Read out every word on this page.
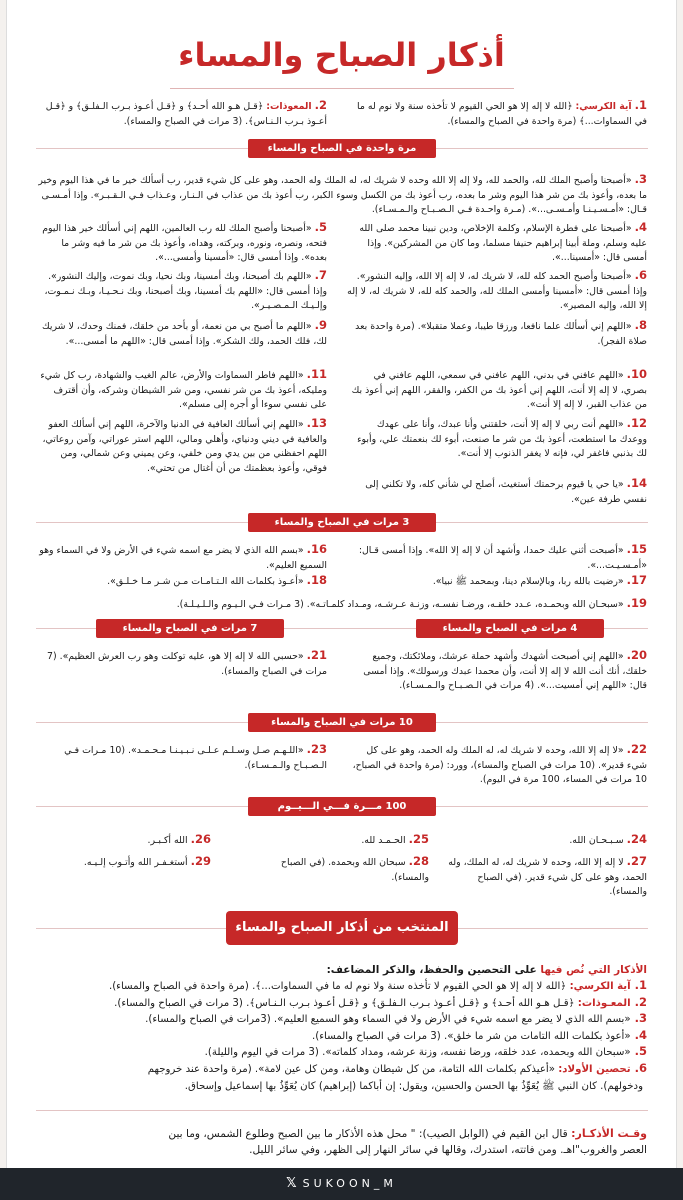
أذكار الصباح والمساء
1.آية الكرسي: ﴿الله لا إله إلا هو الحي القيوم لا تأخذه سنة ولا نوم له ما في السماوات...﴾ (مرة واحدة في الصباح والمساء).
2.المعوذات: ﴿قـل هـو الله أحـد﴾ و ﴿قـل أعـوذ بـرب الـفلـق﴾ و ﴿قـل أعـوذ بـرب الـنـاس﴾. (3 مرات في الصباح والمساء).
مرة واحدة في الصباح والمساء
3.«أصبحنا وأصبح الملك لله، والحمد لله، ولا إله إلا الله وحده لا شريك له، له الملك وله الحمد، وهو على كل شيء قدير، رب أسألك خير ما في هذا اليوم وخير ما بعده، وأعوذ بك من شر هذا اليوم وشر ما بعده، رب أعوذ بك من الكسل وسوء الكبر، رب أعوذ بك من عذاب في الـنـار، وعـذاب فـي الـقـبـر». وإذا أمـسـى قـال: «أمـسـيـنـا وأمـسـى...». (مـرة واحـدة فـي الـصـبـاح والـمـسـاء).
4.«أصبحنا على فطرة الإسلام، وكلمة الإخلاص، ودين نبينا محمد صلى الله عليه وسلم، وملة أبينا إبراهيم حنيفا مسلما، وما كان من المشركين». وإذا أمسى قال: «أمسينا...».
5.«أصبحنا وأصبح الملك لله رب العالمين، اللهم إني أسألك خير هذا اليوم فتحه، ونصره، ونوره، وبركته، وهداه، وأعوذ بك من شر ما فيه وشر ما بعده». وإذا أمسى قال: «أمسينا وأمسى...».
6.«أصبحنا وأصبح الحمد كله لله، لا شريك له، لا إله إلا الله، وإليه النشور». وإذا أمسى قال: «أمسينا وأمسى الملك لله، والحمد كله لله، لا شريك له، لا إله إلا الله، وإليه المصير».
7.«اللهم بك أصبحنا، وبك أمسينا، وبك نحيا، وبك نموت، وإليك النشور». وإذا أمسى قال: «اللهم بك أمسينا، وبك أصبحنا، وبك نـحـيـا، وبـك نـمـوت، وإلـيـك الـمـصـيـر».
8.«اللهم إني أسألك علما نافعا، ورزقا طيبا، وعملا متقبلا». (مرة واحدة بعد صلاة الفجر).
9.«اللهم ما أصبح بي من نعمة، أو بأحد من خلقك، فمنك وحدك، لا شريك لك، فلك الحمد، ولك الشكر». وإذا أمسى قال: «اللهم ما أمسى...».
10.«اللهم عافني في بدني، اللهم عافني في سمعي، اللهم عافني في بصري، لا إله إلا أنت، اللهم إني أعوذ بك من الكفر، والفقر، اللهم إني أعوذ بك من عذاب القبر، لا إله إلا أنت».
11.«اللهم فاطر السماوات والأرض، عالم الغيب والشهادة، رب كل شيء ومليكه، أعوذ بك من شر نفسي، ومن شر الشيطان وشركه، وأن أقترف على نفسي سوءا أو أجره إلى مسلم».
12.«اللهم أنت ربي لا إله إلا أنت، خلقتني وأنا عبدك، وأنا على عهدك ووعدك ما استطعت، أعوذ بك من شر ما صنعت، أبوء لك بنعمتك علي، وأبوء لك بذنبي فاغفر لي، فإنه لا يغفر الذنوب إلا أنت».
13.«اللهم إني أسألك العافية في الدنيا والآخرة، اللهم إني أسألك العفو والعافية في ديني ودنياي، وأهلي ومالي، اللهم استر عوراتي، وآمن روعاتي، اللهم احفظني من بين يدي ومن خلفي، وعن يميني وعن شمالي، ومن فوقي، وأعوذ بعظمتك من أن أغتال من تحتي».
14.«يا حي يا قيوم برحمتك أستغيث، أصلح لي شأني كله، ولا تكلني إلى نفسي طرفة عين».
3 مرات في الصباح والمساء
15.«أصبحت أثني عليك حمدا، وأشهد أن لا إله إلا الله». وإذا أمسى قـال: «أمـسـيـت...».
16.«بسم الله الذي لا يضر مع اسمه شيء في الأرض ولا في السماء وهو السميع العليم».
17.«رضيت بالله ربا، وبالإسلام دينا، وبمحمد ﷺ نبيا».
18.«أعـوذ بكلمات الله الـتـامـات مـن شـر مـا خـلـق».
19.«سبحـان الله وبحمـده، عـدد خلقـه، ورضـا نفسـه، وزنـة عـرشـه، ومـداد كلمـاتـه». (3 مـرات فـي الـيـوم والـلـيـلـة).
4 مرات في الصباح والمساء
7 مرات في الصباح والمساء
20.«اللهم إني أصبحت أشهدك وأشهد حملة عرشك، وملائكتك، وجميع خلقك، أنك أنت الله لا إله إلا أنت، وأن محمدا عبدك ورسولك». وإذا أمسى قال: «اللهم إني أمسيت...». (4 مرات في الـصـبـاح والـمـسـاء).
21.«حسبي الله لا إله إلا هو، عليه توكلت وهو رب العرش العظيم». (7 مرات في الصباح والمساء).
10 مرات في الصباح والمساء
22.«لا إله إلا الله، وحده لا شريك له، له الملك وله الحمد، وهو على كل شيء قدير». (10 مرات في الصباح والمساء)، وورد: (مرة واحدة في الصباح، 10 مرات في المساء، 100 مرة في اليوم).
23.«اللـهـم صـل وسـلـم عـلـى نـبـيـنـا مـحـمـد». (10 مـرات فـي الـصـبـاح والـمـسـاء).
100 مـــرة فـــي الـــيــوم
24.سـبـحـان الله.
25.الحـمـد لله.
26.الله أكـبـر.
27.لا إله إلا الله، وحده لا شريك له، له الملك، وله الحمد، وهو على كل شيء قدير. (في الصباح والمساء).
28.سبحان الله وبحمده. (في الصباح والمساء).
29.أستغـفـر الله وأتـوب إلـيـه.
المنتخب من أذكار الصباح والمساء
الأذكار التي نُص فيها على التحصين والحفظ، والذكر المضاعف:
1.آية الكرسي: ﴿الله لا إله إلا هو الحي القيوم لا تأخذه سنة ولا نوم له ما في السماوات...﴾. (مرة واحدة في الصباح والمساء).
2.المعـوذات: ﴿قـل هـو الله أحـد﴾ و ﴿قـل أعـوذ بـرب الـفلـق﴾ و ﴿قـل أعـوذ بـرب الـنـاس﴾. (3 مرات في الصباح والمساء).
3.«بسم الله الذي لا يضر مع اسمه شيء في الأرض ولا في السماء وهو السميع العليم». (3مرات في الصباح والمساء).
4.«أعوذ بكلمات الله التامات من شر ما خلق». (3 مرات في الصباح والمساء).
5.«سبحان الله وبحمده، عدد خلقه، ورضا نفسه، وزنة عرشه، ومداد كلماته». (3 مرات في اليوم والليلة).
6.تحصين الأولاد: «أعيذكم بكلمات الله التامة، من كل شيطان وهامة، ومن كل عين لامة». (مرة واحدة عند خروجهم
ودخولهم). كان النبي ﷺ يُعَوِّذُ بها الحسن والحسين، ويقول: إن أباكما (إبراهيم) كان يُعَوِّذُ بها إسماعيل وإسحاق.
وقـت الأذكـار: قال ابن القيم في (الوابل الصيب): " محل هذه الأذكار ما بين الصبح وطلوع الشمس، وما بين
العصر والغروب"اهـ. ومن فاتته، استدرك، وقالها في سائر النهار إلى الظهر، وفي سائر الليل.
𝕏 SUKOON_M
